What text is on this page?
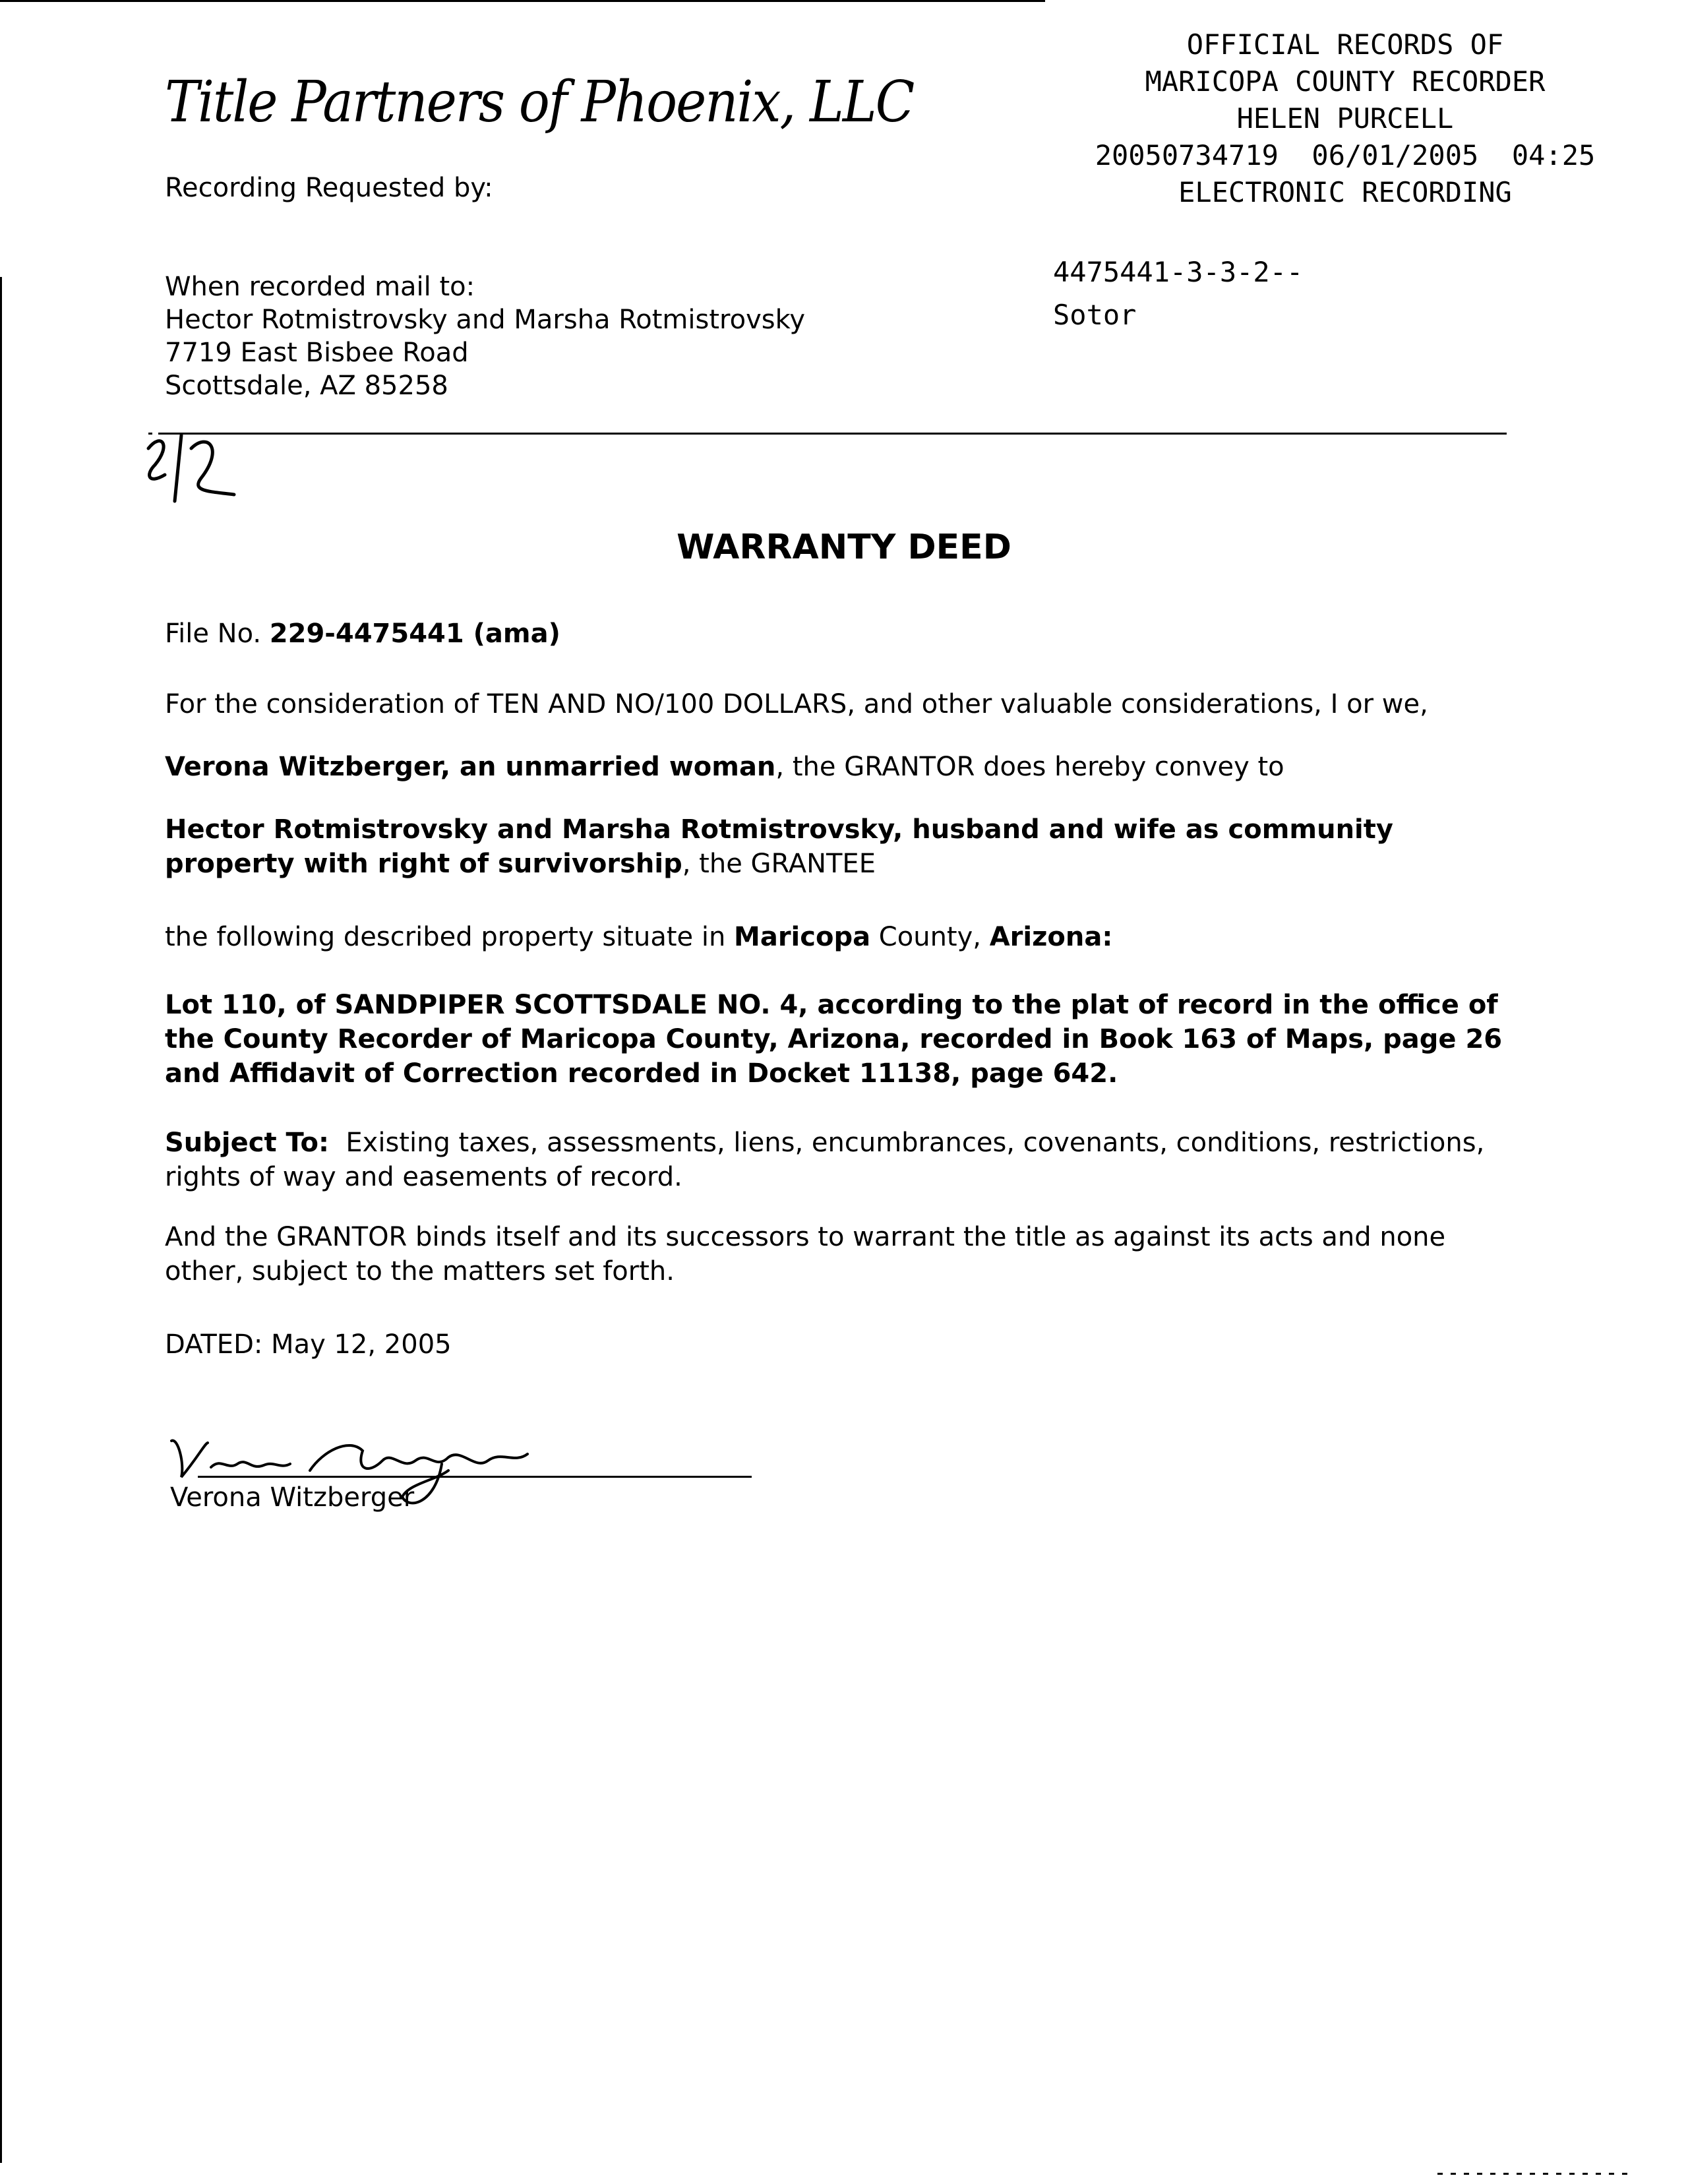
Title Partners of Phoenix, LLC
Recording Requested by:
OFFICIAL RECORDS OF
MARICOPA COUNTY RECORDER
HELEN PURCELL
20050734719  06/01/2005  04:25
ELECTRONIC RECORDING
4475441-3-3-2--
Sotor
When recorded mail to:
Hector Rotmistrovsky and Marsha Rotmistrovsky
7719 East Bisbee Road
Scottsdale, AZ 85258
WARRANTY DEED
File No. 229-4475441 (ama)
For the consideration of TEN AND NO/100 DOLLARS, and other valuable considerations, I or we,
Verona Witzberger, an unmarried woman, the GRANTOR does hereby convey to
Hector Rotmistrovsky and Marsha Rotmistrovsky, husband and wife as community property with right of survivorship, the GRANTEE
the following described property situate in Maricopa County, Arizona:
Lot 110, of SANDPIPER SCOTTSDALE NO. 4, according to the plat of record in the office of the County Recorder of Maricopa County, Arizona, recorded in Book 163 of Maps, page 26 and Affidavit of Correction recorded in Docket 11138, page 642.
Subject To: Existing taxes, assessments, liens, encumbrances, covenants, conditions, restrictions, rights of way and easements of record.
And the GRANTOR binds itself and its successors to warrant the title as against its acts and none other, subject to the matters set forth.
DATED: May 12, 2005
Verona Witzberger
